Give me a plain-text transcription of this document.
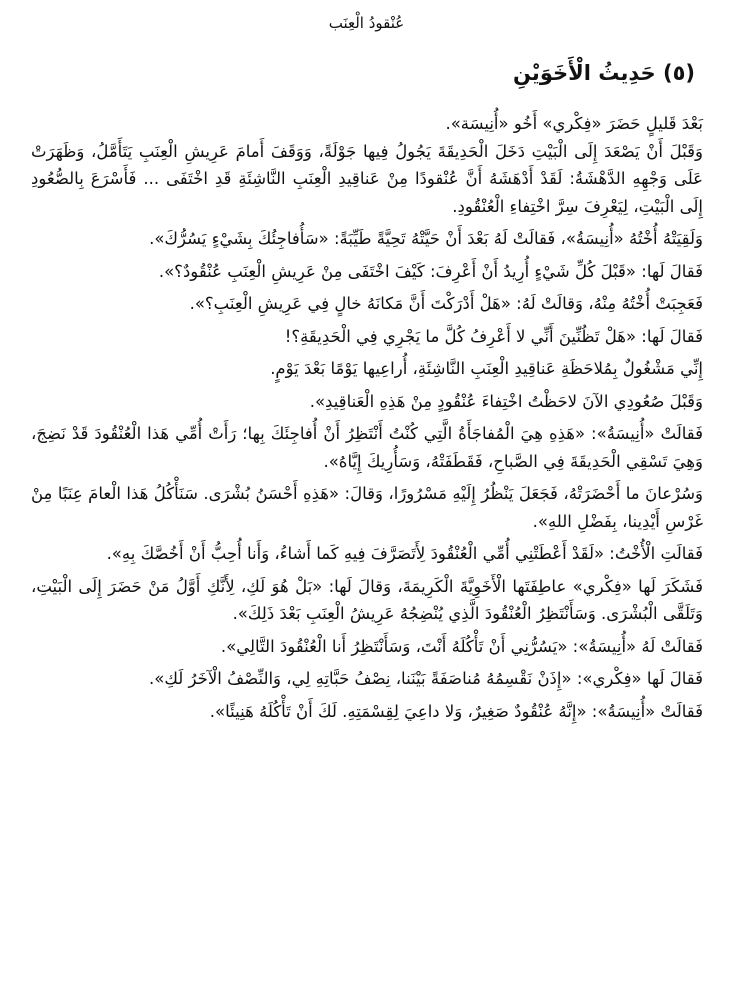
عُنْقودُ الْعِنَب
(٥) حَدِيثُ الْأَخَوَيْنِ

بَعْدَ قَليلٍ حَضَرَ «فِكْري» أَخُو «أُنِيسَة».

وَقَبْلَ أَنْ يَصْعَدَ إِلَى الْبَيْتِ دَخَلَ الْحَدِيقَةَ يَجُولُ فِيها جَوْلَةً، وَوَقَفَ أَمامَ عَرِيشِ الْعِنَبِ يَتَأَمَّلُ، وَظَهَرَتْ عَلَى وَجْهِهِ الدَّهْشَةُ: لَقَدْ أَدْهَشَهُ أَنَّ عُنْقودًا مِنْ عَناقِيدِ الْعِنَبِ النَّاشِئَةِ قَدِ اخْتَفَى ... فَأَسْرَعَ بِالصُّعُودِ إِلَى الْبَيْتِ، لِيَعْرِفَ سِرَّ اخْتِفاءِ الْعُنْقُودِ.

وَلَقِيَتْهُ أُخْتُهُ «أُنِيسَةُ»، فَقالَتْ لَهُ بَعْدَ أَنْ حَيَّتْهُ تَحِيَّةً طَيِّبَةً: «سَأُفاجِئُكَ بِشَيْءٍ يَسُرُّكَ».

فَقالَ لَها: «قَبْلَ كُلِّ شَيْءٍ أُرِيدُ أَنْ أَعْرِفَ: كَيْفَ اخْتَفَى مِنْ عَرِيشِ الْعِنَبِ عُنْقُودٌ؟».

فَعَجِبَتْ أُخْتُهُ مِنْهُ، وَقالَتْ لَهُ: «هَلْ أَدْرَكْتَ أَنَّ مَكانَهُ خالٍ فِي عَرِيشِ الْعِنَبِ؟».

فَقالَ لَها: «هَلْ تَظُنِّينَ أَنِّي لا أَعْرِفُ كُلَّ ما يَجْرِي فِي الْحَدِيقَةِ؟!

إِنِّي مَشْغُولٌ بِمُلاحَظَةِ عَناقِيدِ الْعِنَبِ النَّاشِئَةِ، أُراعِيها يَوْمًا بَعْدَ يَوْمٍ.

وَقَبْلَ صُعُودِي الآنَ لاحَظْتُ اخْتِفاءَ عُنْقُودٍ مِنْ هَذِهِ الْعَناقِيدِ».

فَقالَتْ «أُنِيسَةُ»: «هَذِهِ هِيَ الْمُفاجَأَةُ الَّتِي كُنْتُ أَنْتَظِرُ أَنْ أُفاجِئَكَ بِها؛ رَأَتْ أُمِّي هَذا الْعُنْقُودَ قَدْ نَضِجَ، وَهِيَ تَسْقِي الْحَدِيقَةَ فِي الصَّباحِ، فَقَطَفَتْهُ، وَسَأُرِيكَ إِيَّاهُ».

وَسُرْعانَ ما أَحْضَرَتْهُ، فَجَعَلَ يَنْظُرُ إِلَيْهِ مَسْرُورًا، وَقالَ: «هَذِهِ أَحْسَنُ بُشْرَى. سَنَأْكُلُ هَذا الْعامَ عِنَبًا مِنْ غَرْسِ أَيْدِينا، بِفَضْلِ اللهِ».

فَقالَتِ الْأُخْتُ: «لَقَدْ أَعْطَتْنِي أُمِّي الْعُنْقُودَ لِأَتَصَرَّفَ فِيهِ كَما أَشاءُ، وَأَنا أُحِبُّ أَنْ أَخُصَّكَ بِهِ».

فَشَكَرَ لَها «فِكْري» عاطِفَتَها الْأَخَوِيَّةَ الْكَرِيمَةَ، وَقالَ لَها: «بَلْ هُوَ لَكِ، لِأَنَّكِ أَوَّلُ مَنْ حَضَرَ إِلَى الْبَيْتِ، وَتَلَقَّى الْبُشْرَى. وَسَأَنْتَظِرُ الْعُنْقُودَ الَّذِي يُنْضِجُهُ عَرِيشُ الْعِنَبِ بَعْدَ ذَلِكَ».

فَقالَتْ لَهُ «أُنِيسَةُ»: «يَسُرُّنِي أَنْ تَأْكُلَهُ أَنْتَ، وَسَأَنْتَظِرُ أَنا الْعُنْقُودَ التَّالِي».

فَقالَ لَها «فِكْري»: «إِذَنْ نَقْسِمُهُ مُناصَفَةً بَيْنَنا، نِصْفُ حَبَّاتِهِ لِي، وَالنِّصْفُ الْآخَرُ لَكِ».

فَقالَتْ «أُنِيسَةُ»: «إِنَّهُ عُنْقُودٌ صَغِيرٌ، وَلا داعِيَ لِقِسْمَتِهِ. لَكَ أَنْ تَأْكُلَهُ هَنِيئًا».
